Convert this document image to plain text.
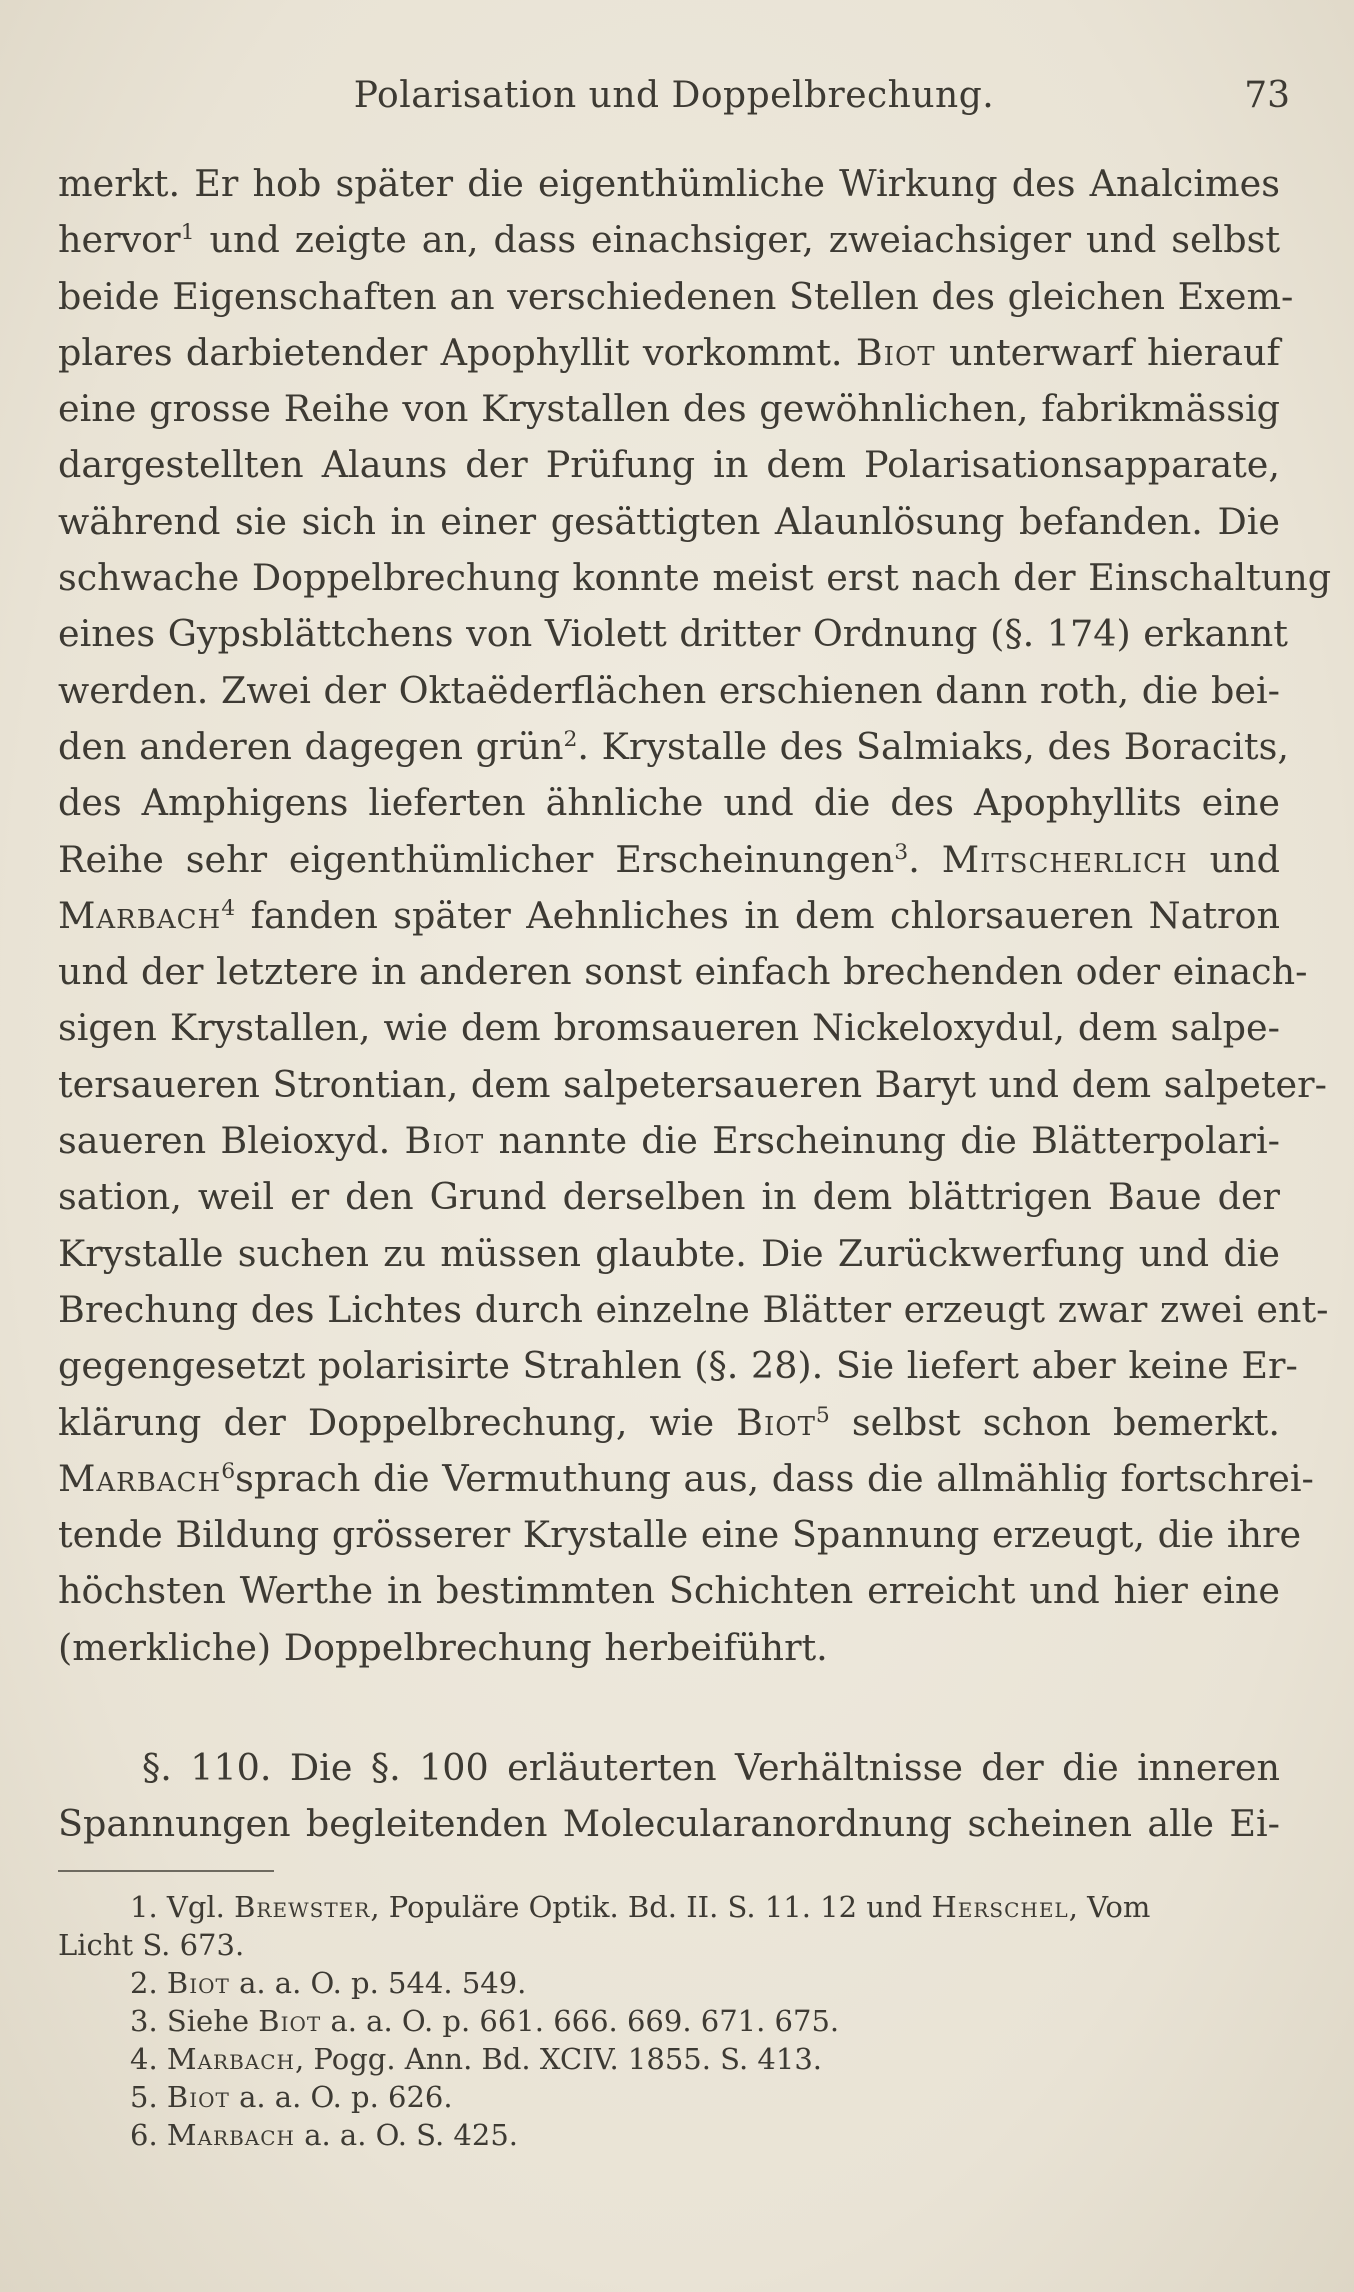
Polarisation und Doppelbrechung.	73
merkt. Er hob später die eigenthümliche Wirkung des Analcimes
hervor$^1$ und zeigte an, dass einachsiger, zweiachsiger und selbst
beide Eigenschaften an verschiedenen Stellen des gleichen Exem-
plares darbietender Apophyllit vorkommt. Biot unterwarf hierauf
eine grosse Reihe von Krystallen des gewöhnlichen, fabrikmässig
dargestellten Alauns der Prüfung in dem Polarisationsapparate,
während sie sich in einer gesättigten Alaunlösung befanden. Die
schwache Doppelbrechung konnte meist erst nach der Einschaltung
eines Gypsblättchens von Violett dritter Ordnung (§. 174) erkannt
werden. Zwei der Oktaëderflächen erschienen dann roth, die bei-
den anderen dagegen grün$^2$. Krystalle des Salmiaks, des Boracits,
des Amphigens lieferten ähnliche und die des Apophyllits eine
Reihe sehr eigenthümlicher Erscheinungen$^3$. Mitscherlich und
Marbach$^4$ fanden später Aehnliches in dem chlorsaueren Natron
und der letztere in anderen sonst einfach brechenden oder einach-
sigen Krystallen, wie dem bromsaueren Nickeloxydul, dem salpe-
tersaueren Strontian, dem salpetersaueren Baryt und dem salpeter-
saueren Bleioxyd. Biot nannte die Erscheinung die Blätterpolari-
sation, weil er den Grund derselben in dem blättrigen Baue der
Krystalle suchen zu müssen glaubte. Die Zurückwerfung und die
Brechung des Lichtes durch einzelne Blätter erzeugt zwar zwei ent-
gegengesetzt polarisirte Strahlen (§. 28). Sie liefert aber keine Er-
klärung der Doppelbrechung, wie Biot$^5$ selbst schon bemerkt.
Marbach$^6$sprach die Vermuthung aus, dass die allmählig fortschrei-
tende Bildung grösserer Krystalle eine Spannung erzeugt, die ihre
höchsten Werthe in bestimmten Schichten erreicht und hier eine
(merkliche) Doppelbrechung herbeiführt.
§. 110. Die §. 100 erläuterten Verhältnisse der die inneren
Spannungen begleitenden Molecularanordnung scheinen alle Ei-
1. Vgl. Brewster, Populäre Optik. Bd. II. S. 11. 12 und Herschel, Vom
Licht S. 673.
2. Biot a. a. O. p. 544. 549.
3. Siehe Biot a. a. O. p. 661. 666. 669. 671. 675.
4. Marbach, Pogg. Ann. Bd. XCIV. 1855. S. 413.
5. Biot a. a. O. p. 626.
6. Marbach a. a. O. S. 425.
